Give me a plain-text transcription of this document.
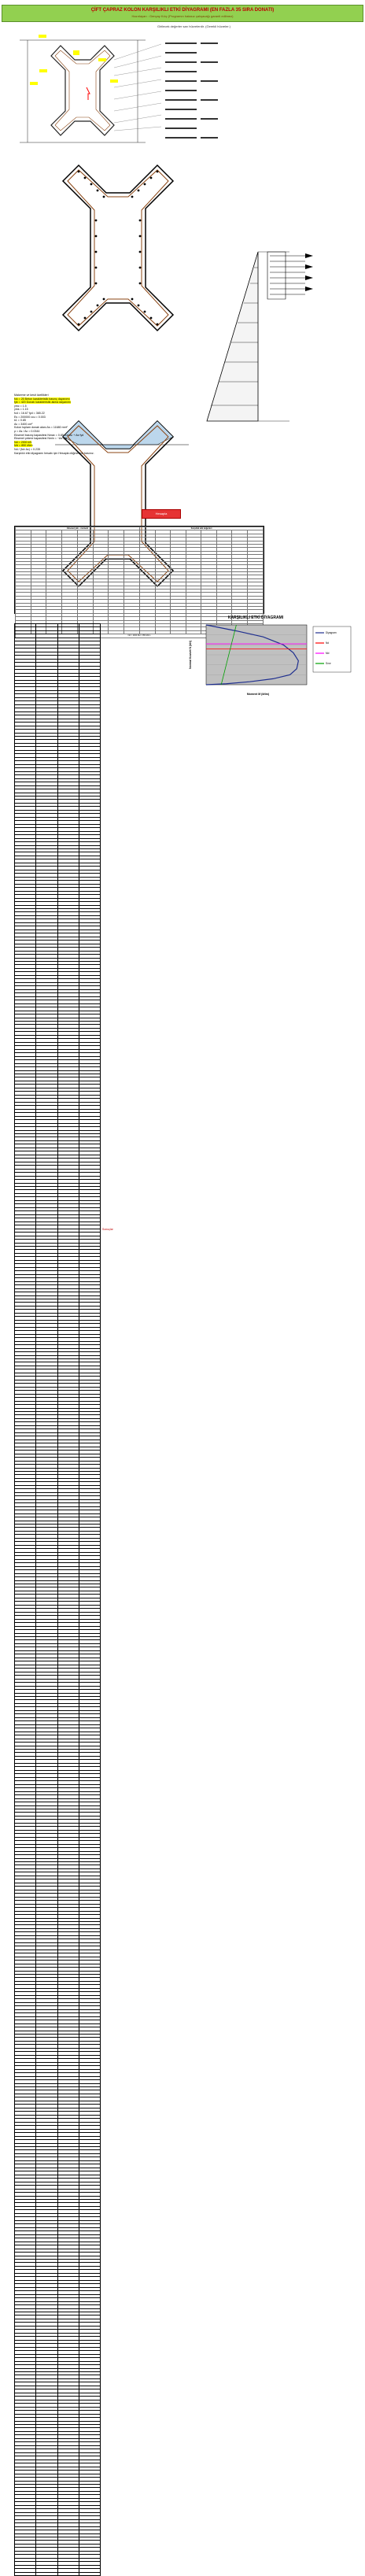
ÇİFT ÇAPRAZ KOLON KARŞILIKLI ETKİ DİYAGRAMI (EN FAZLA 35 SIRA DONATI)
Hazırlayan : Gençay Kılıç (Programın hatasız çalışacağı garanti edilmez)
Girilecek değerler sarı hücrelerdir. (Gerekli hücreler.)
Malzeme ve kesit özellikleri
fck = 25 Beton karakteristik basınç dayanımı
fyk = 420 Donatı karakteristik akma dayanımı
γmc = 1.5
γms = 1.15
fcd = 16.67 fyd = 365.22
Es = 200000 εcu = 0.003
k1 = 0.85
Ac = 3400 cm²
Kolon toplam donatı alanı As = 11680 mm²
ρ = As / Ac = 0.0344
Eksenel basınç kapasitesi Nmax = 0.85·fcd·Ac + As·fyd
Eksenel çekme kapasitesi Nmin = −As·fyd
Nd = 2000 kN
Md = 850 kNm
Nd / (fck·Ac) = 0.235
Karşılıklı etki diyagramı hesabı için Hesapla düğmesine basınız.
Hesapla
Eksenel yük – moment								Karşılıklı etki değerleri							

Nd = 2000 Md = 850 kNm															
KARŞILIKLI ETKİ DİYAGRAMI
Normal Kuvvet N (kN)
Moment M (kNm)
Diyagram
Nd
Md
Sınır

Sonuçlar
